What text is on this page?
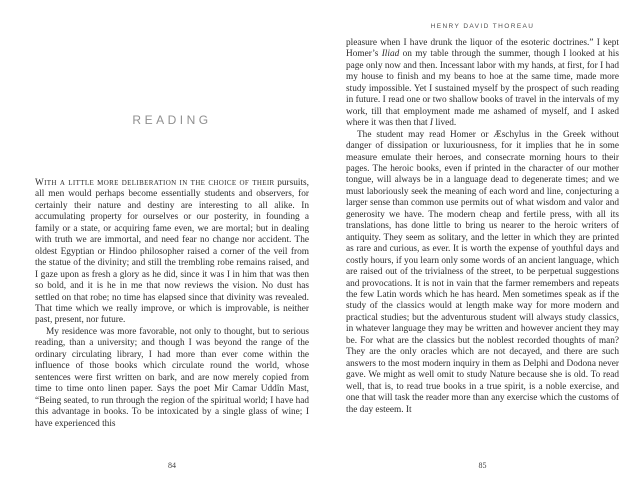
READING

With a little more deliberation in the choice of their pursuits, all men would perhaps become essentially students and observers, for certainly their nature and destiny are interesting to all alike. In accumulating property for ourselves or our posterity, in founding a family or a state, or acquiring fame even, we are mortal; but in dealing with truth we are immortal, and need fear no change nor accident. The oldest Egyptian or Hindoo philosopher raised a corner of the veil from the statue of the divinity; and still the trembling robe remains raised, and I gaze upon as fresh a glory as he did, since it was I in him that was then so bold, and it is he in me that now reviews the vision. No dust has settled on that robe; no time has elapsed since that divinity was revealed. That time which we really improve, or which is improvable, is neither past, present, nor future.

My residence was more favorable, not only to thought, but to serious reading, than a university; and though I was beyond the range of the ordinary circulating library, I had more than ever come within the influence of those books which circulate round the world, whose sentences were first written on bark, and are now merely copied from time to time onto linen paper. Says the poet Mir Camar Uddîn Mast, “Being seated, to run through the region of the spiritual world; I have had this advantage in books. To be intoxicated by a single glass of wine; I have experienced this

84
HENRY DAVID THOREAU

pleasure when I have drunk the liquor of the esoteric doctrines.” I kept Homer’s Iliad on my table through the summer, though I looked at his page only now and then. Incessant labor with my hands, at first, for I had my house to finish and my beans to hoe at the same time, made more study impossible. Yet I sustained myself by the prospect of such reading in future. I read one or two shallow books of travel in the intervals of my work, till that employment made me ashamed of myself, and I asked where it was then that I lived.

The student may read Homer or Æschylus in the Greek without danger of dissipation or luxuriousness, for it implies that he in some measure emulate their heroes, and consecrate morning hours to their pages. The heroic books, even if printed in the character of our mother tongue, will always be in a language dead to degenerate times; and we must laboriously seek the meaning of each word and line, conjecturing a larger sense than common use permits out of what wisdom and valor and generosity we have. The modern cheap and fertile press, with all its translations, has done little to bring us nearer to the heroic writers of antiquity. They seem as solitary, and the letter in which they are printed as rare and curious, as ever. It is worth the expense of youthful days and costly hours, if you learn only some words of an ancient language, which are raised out of the trivialness of the street, to be perpetual suggestions and provocations. It is not in vain that the farmer remembers and repeats the few Latin words which he has heard. Men sometimes speak as if the study of the classics would at length make way for more modern and practical studies; but the adventurous student will always study classics, in whatever language they may be written and however ancient they may be. For what are the classics but the noblest recorded thoughts of man? They are the only oracles which are not decayed, and there are such answers to the most modern inquiry in them as Delphi and Dodona never gave. We might as well omit to study Nature because she is old. To read well, that is, to read true books in a true spirit, is a noble exercise, and one that will task the reader more than any exercise which the customs of the day esteem. It

85
